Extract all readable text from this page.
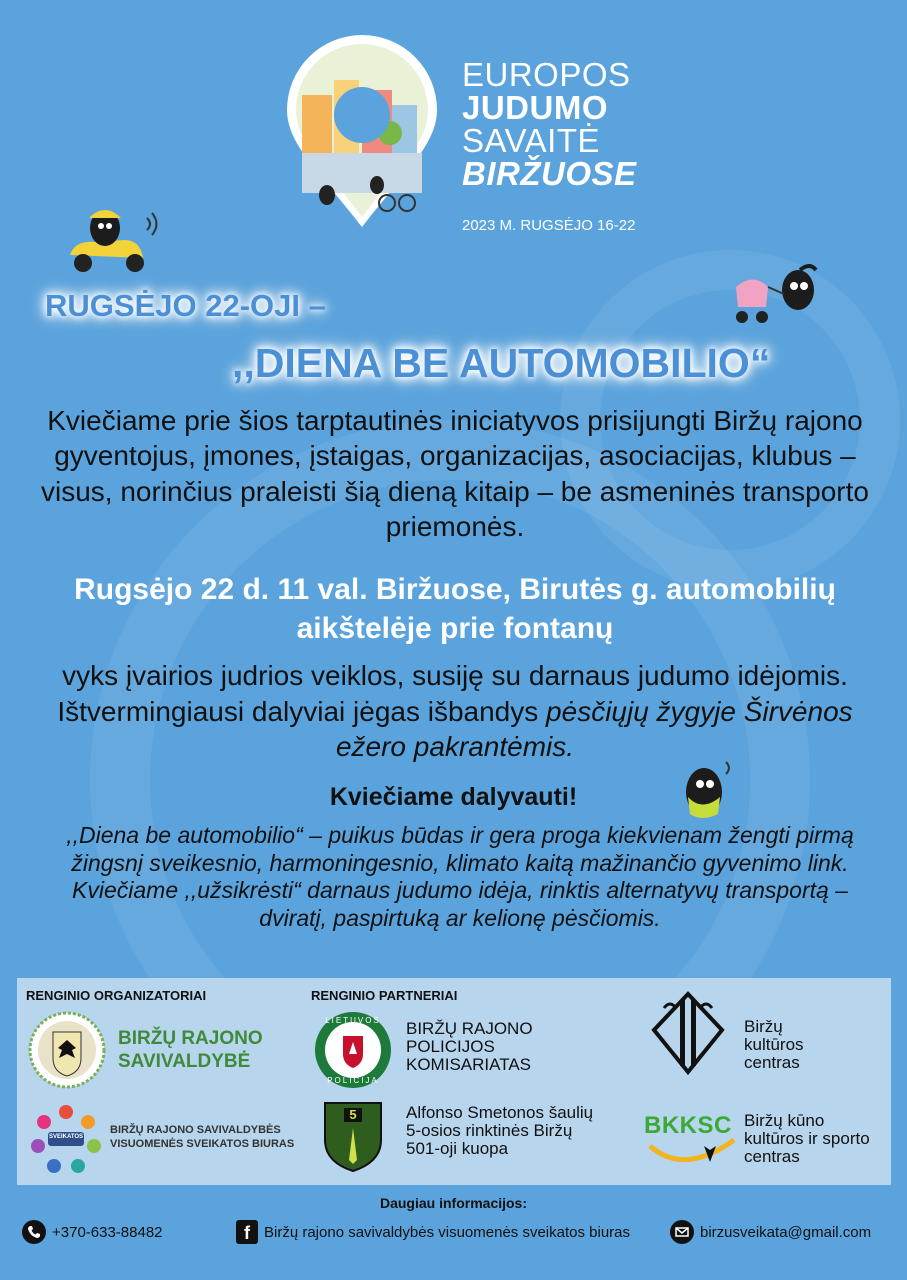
EUROPOS
JUDUMO
SAVAITĖ
BIRŽUOSE
2023 M. RUGSĖJO 16-22
RUGSĖJO 22-OJI –
,,DIENA BE AUTOMOBILIO“
Kviečiame prie šios tarptautinės iniciatyvos prisijungti Biržų rajono gyventojus, įmones, įstaigas, organizacijas, asociacijas, klubus – visus, norinčius praleisti šią dieną kitaip – be asmeninės transporto priemonės.
Rugsėjo 22 d. 11 val. Biržuose, Birutės g. automobilių aikštelėje prie fontanų
vyks įvairios judrios veiklos, susiję su darnaus judumo idėjomis. Ištvermingiausi dalyviai jėgas išbandys pėsčiųjų žygyje Širvėnos ežero pakrantėmis.
Kviečiame dalyvauti!
,,Diena be automobilio“ – puikus būdas ir gera proga kiekvienam žengti pirmą žingsnį sveikesnio, harmoningesnio, klimato kaitą mažinančio gyvenimo link. Kviečiame ,,užsikrėsti“ darnaus judumo idėja, rinktis alternatyvų transportą – dviratį, paspirtuką ar kelionę pėsčiomis.
RENGINIO ORGANIZATORIAI	RENGINIO PARTNERIAI
BIRŽŲ RAJONO
SAVIVALDYBĖ
SVEIKATOS
BIRŽŲ RAJONO SAVIVALDYBĖS
VISUOMENĖS SVEIKATOS BIURAS
LIETUVOS
POLICIJA
BIRŽŲ RAJONO
POLICIJOS
KOMISARIATAS
5	Alfonso Smetonos šaulių
5-osios rinktinės Biržų
501-oji kuopa
Biržų
kultūros
centras
BKKSC Biržų kūno
kultūros ir sporto
centras
Daugiau informacijos:
+370-633-88482	f Biržų rajono savivaldybės visuomenės sveikatos biuras	birzusveikata@gmail.com
